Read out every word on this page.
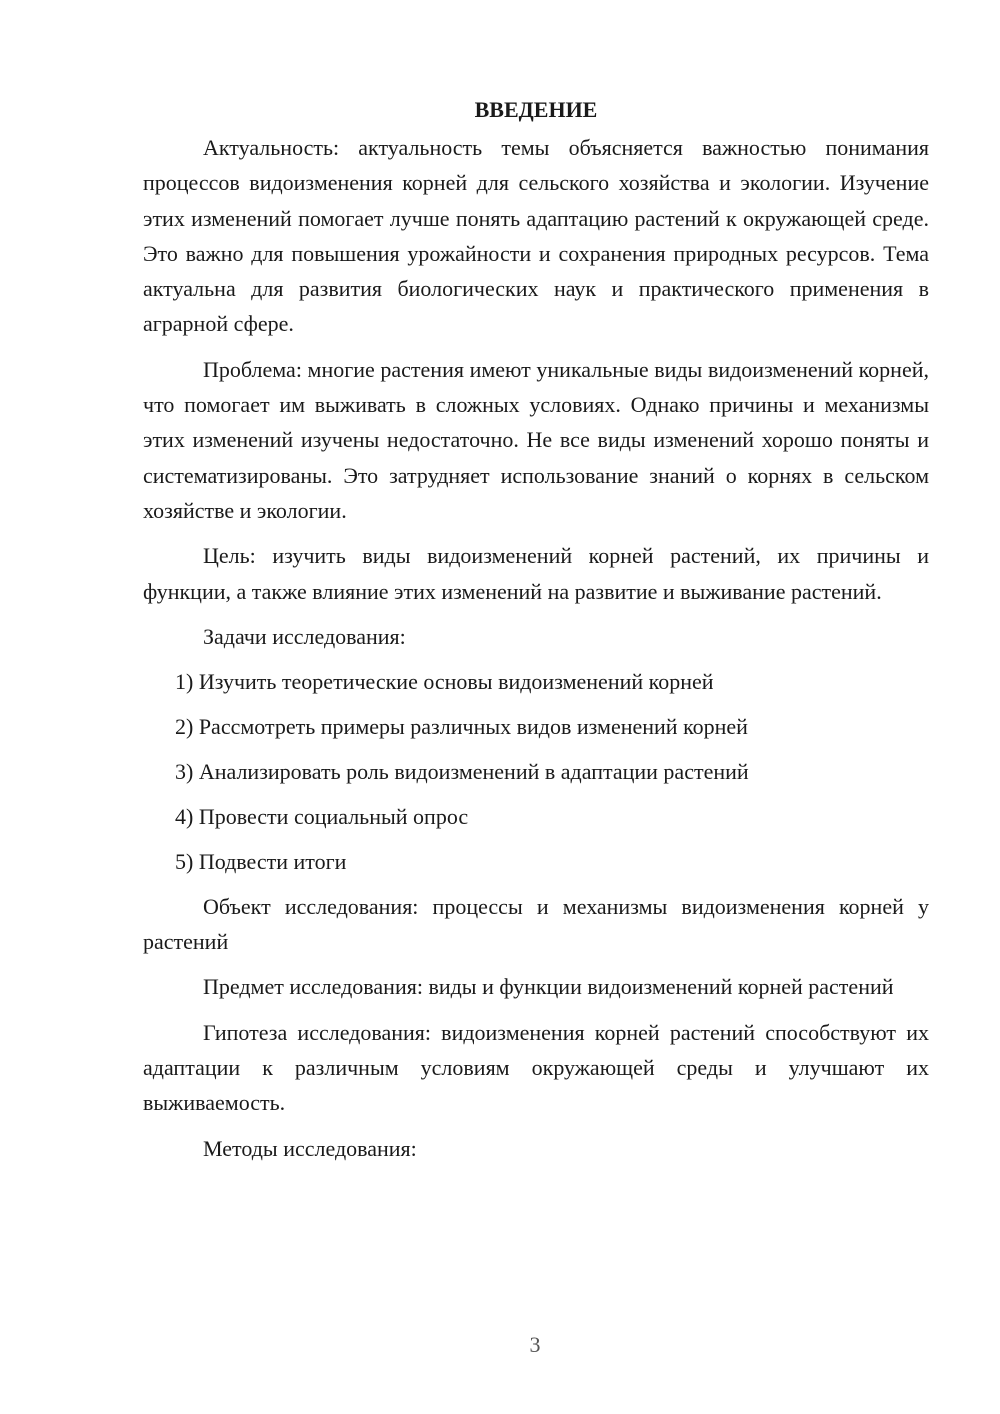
ВВЕДЕНИЕ

Актуальность: актуальность темы объясняется важностью понимания процессов видоизменения корней для сельского хозяйства и экологии. Изучение этих изменений помогает лучше понять адаптацию растений к окружающей среде. Это важно для повышения урожайности и сохранения природных ресурсов. Тема актуальна для развития биологических наук и практического применения в аграрной сфере.

Проблема: многие растения имеют уникальные виды видоизменений корней, что помогает им выживать в сложных условиях. Однако причины и механизмы этих изменений изучены недостаточно. Не все виды изменений хорошо поняты и систематизированы. Это затрудняет использование знаний о корнях в сельском хозяйстве и экологии.

Цель: изучить виды видоизменений корней растений, их причины и функции, а также влияние этих изменений на развитие и выживание растений.

Задачи исследования:

1) Изучить теоретические основы видоизменений корней
2) Рассмотреть примеры различных видов изменений корней
3) Анализировать роль видоизменений в адаптации растений
4) Провести социальный опрос
5) Подвести итоги

Объект исследования: процессы и механизмы видоизменения корней у растений

Предмет исследования: виды и функции видоизменений корней растений

Гипотеза исследования: видоизменения корней растений способствуют их адаптации к различным условиям окружающей среды и улучшают их выживаемость.

Методы исследования:

3
